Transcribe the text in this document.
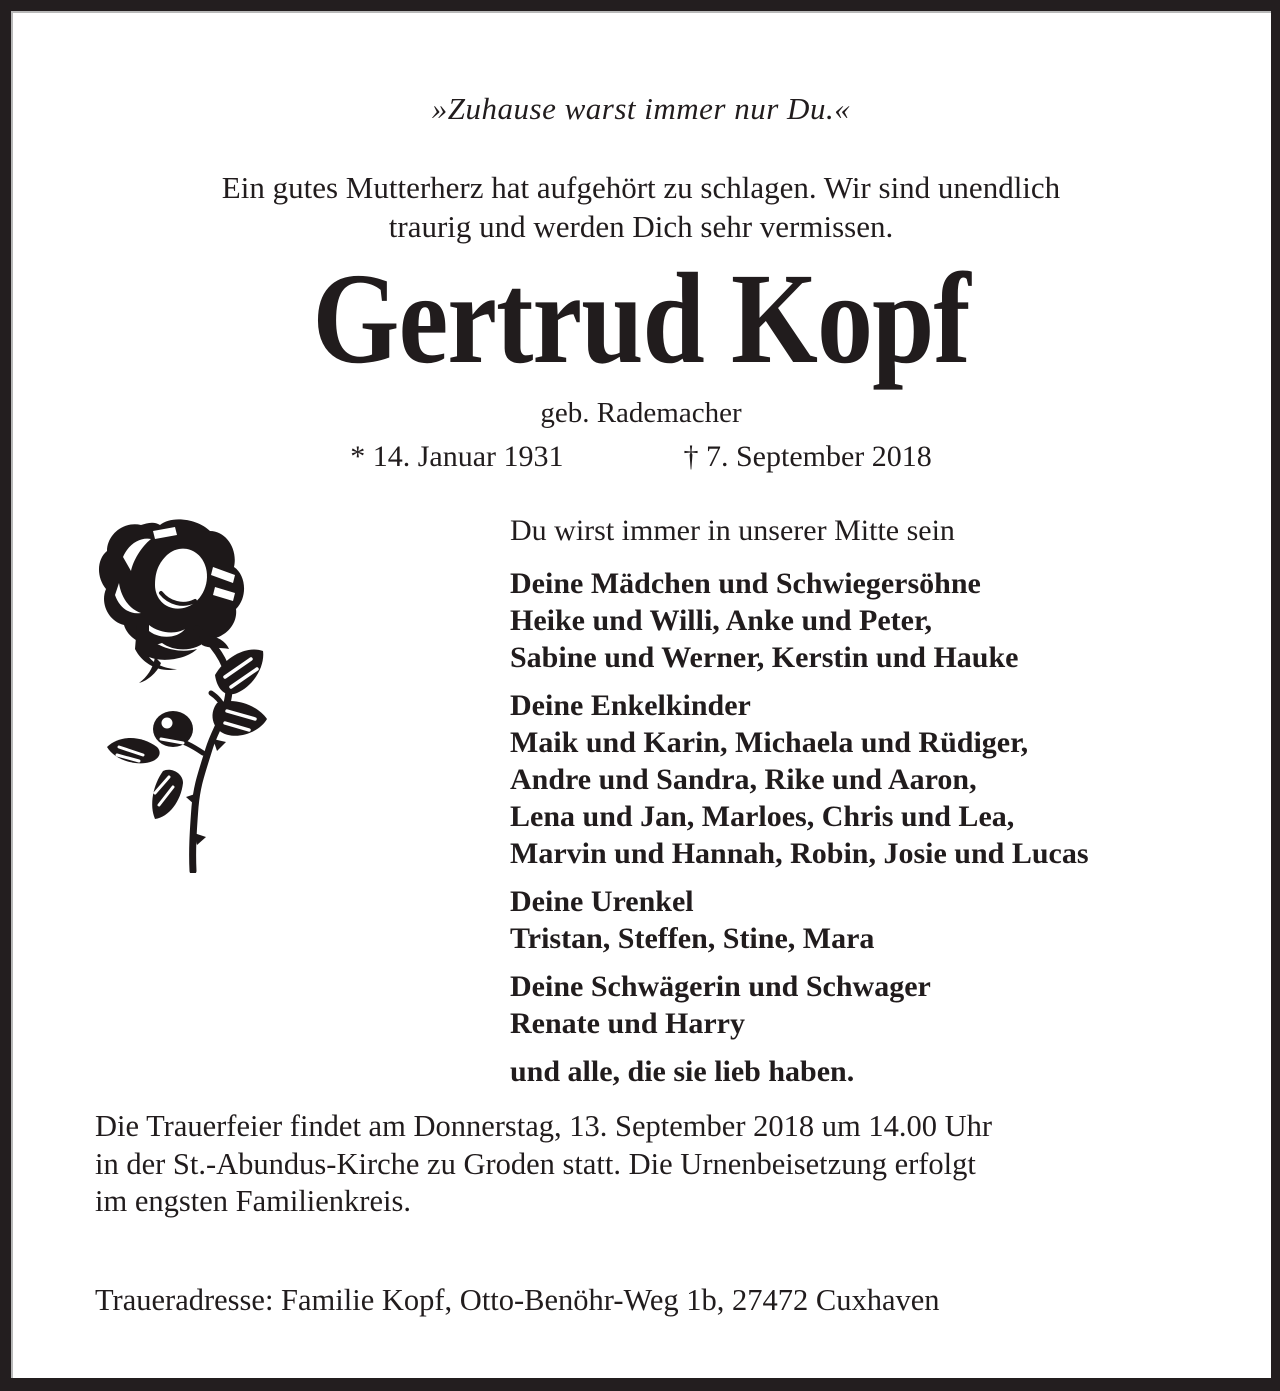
»Zuhause warst immer nur Du.«
Ein gutes Mutterherz hat aufgehört zu schlagen. Wir sind unendlich
traurig und werden Dich sehr vermissen.
Gertrud Kopf
geb. Rademacher
* 14. Januar 1931	† 7. September 2018
Du wirst immer in unserer Mitte sein
Deine Mädchen und Schwiegersöhne
Heike und Willi, Anke und Peter,
Sabine und Werner, Kerstin und Hauke
Deine Enkelkinder
Maik und Karin, Michaela und Rüdiger,
Andre und Sandra, Rike und Aaron,
Lena und Jan, Marloes, Chris und Lea,
Marvin und Hannah, Robin, Josie und Lucas
Deine Urenkel
Tristan, Steffen, Stine, Mara
Deine Schwägerin und Schwager
Renate und Harry
und alle, die sie lieb haben.

Die Trauerfeier findet am Donnerstag, 13. September 2018 um 14.00 Uhr
in der St.-Abundus-Kirche zu Groden statt. Die Urnenbeisetzung erfolgt
im engsten Familienkreis.

Traueradresse: Familie Kopf, Otto-Benöhr-Weg 1b, 27472 Cuxhaven
